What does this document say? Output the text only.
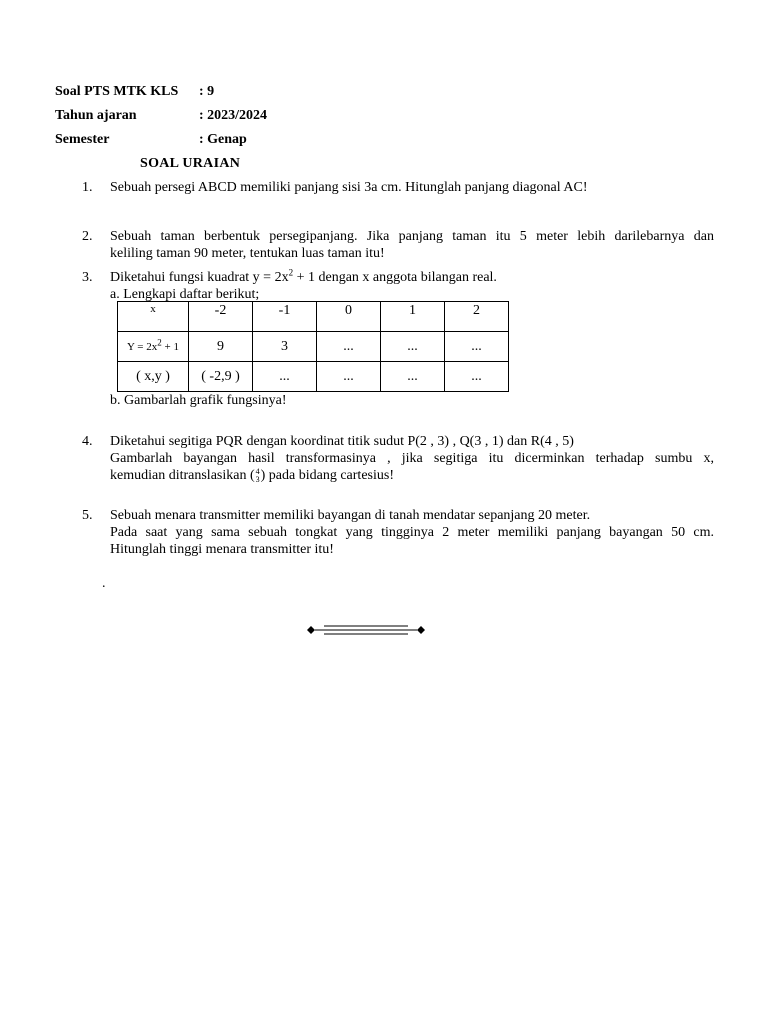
Soal PTS MTK KLS : 9
Tahun ajaran	: 2023/2024
Semester	: Genap
SOAL URAIAN
1. Sebuah persegi ABCD memiliki panjang sisi 3a cm. Hitunglah panjang diagonal AC!
2. Sebuah taman berbentuk persegipanjang. Jika panjang taman itu 5 meter lebih darilebarnya dan
keliling taman 90 meter, tentukan luas taman itu!
3. Diketahui fungsi kuadrat $y = 2x^2 + 1$ dengan x anggota bilangan real.
a. Lengkapi daftar berikut;
x	-2	-1	0	1	2
$Y = 2x^2 + 1$	9	3	...	...	...
( x,y )	( -2,9 )	...	...	...	...
b. Gambarlah grafik fungsinya!
4. Diketahui segitiga PQR dengan koordinat titik sudut P(2 , 3) , Q(3 , 1) dan R(4 , 5)
Gambarlah bayangan hasil transformasinya , jika segitiga itu dicerminkan terhadap sumbu x,
kemudian ditranslasikan ( 4
3 ) pada bidang cartesius!
5. Sebuah menara transmitter memiliki bayangan di tanah mendatar sepanjang 20 meter.
Pada saat yang sama sebuah tongkat yang tingginya 2 meter memiliki panjang bayangan 50 cm.
Hitunglah tinggi menara transmitter itu!
.
